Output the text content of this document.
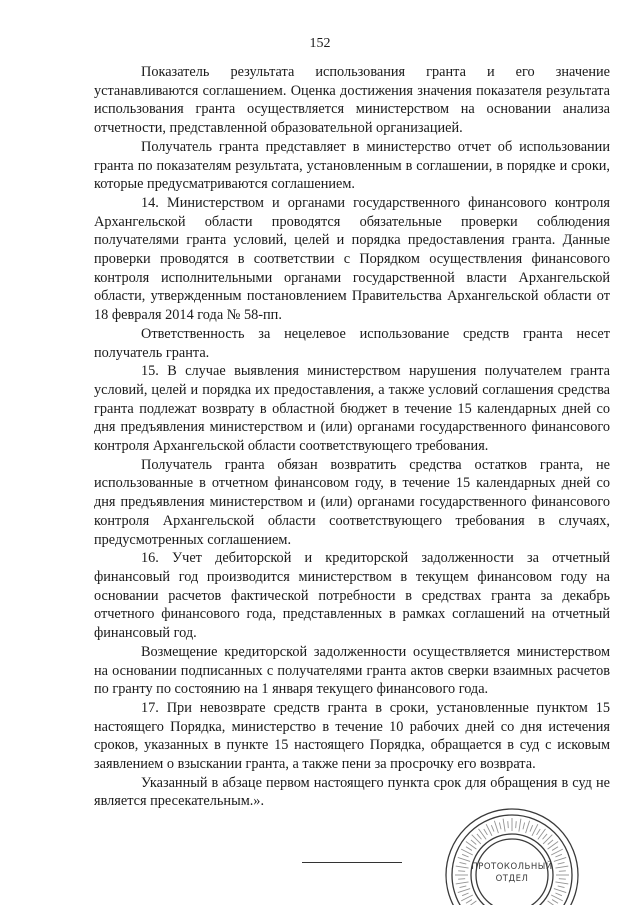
152

Показатель результата использования гранта и его значение устанавливаются соглашением. Оценка достижения значения показателя результата использования гранта осуществляется министерством на основании анализа отчетности, представленной образовательной организацией.

Получатель гранта представляет в министерство отчет об использовании гранта по показателям результата, установленным в соглашении, в порядке и сроки, которые предусматриваются соглашением.

14. Министерством и органами государственного финансового контроля Архангельской области проводятся обязательные проверки соблюдения получателями гранта условий, целей и порядка предоставления гранта. Данные проверки проводятся в соответствии с Порядком осуществления финансового контроля исполнительными органами государственной власти Архангельской области, утвержденным постановлением Правительства Архангельской области от 18 февраля 2014 года № 58-пп.

Ответственность за нецелевое использование средств гранта несет получатель гранта.

15. В случае выявления министерством нарушения получателем гранта условий, целей и порядка их предоставления, а также условий соглашения средства гранта подлежат возврату в областной бюджет в течение 15 календарных дней со дня предъявления министерством и (или) органами государственного финансового контроля Архангельской области соответствующего требования.

Получатель гранта обязан возвратить средства остатков гранта, не использованные в отчетном финансовом году, в течение 15 календарных дней со дня предъявления министерством и (или) органами государственного финансового контроля Архангельской области соответствующего требования в случаях, предусмотренных соглашением.

16. Учет дебиторской и кредиторской задолженности за отчетный финансовый год производится министерством в текущем финансовом году на основании расчетов фактической потребности в средствах гранта за декабрь отчетного финансового года, представленных в рамках соглашений на отчетный финансовый год.

Возмещение кредиторской задолженности осуществляется министерством на основании подписанных с получателями гранта актов сверки взаимных расчетов по гранту по состоянию на 1 января текущего финансового года.

17. При невозврате средств гранта в сроки, установленные пунктом 15 настоящего Порядка, министерство в течение 10 рабочих дней со дня истечения сроков, указанных в пункте 15 настоящего Порядка, обращается в суд с исковым заявлением о взыскании гранта, а также пени за просрочку его возврата.

Указанный в абзаце первом настоящего пункта срок для обращения в суд не является пресекательным.».

ПРОТОКОЛЬНЫЙ ОТДЕЛ
